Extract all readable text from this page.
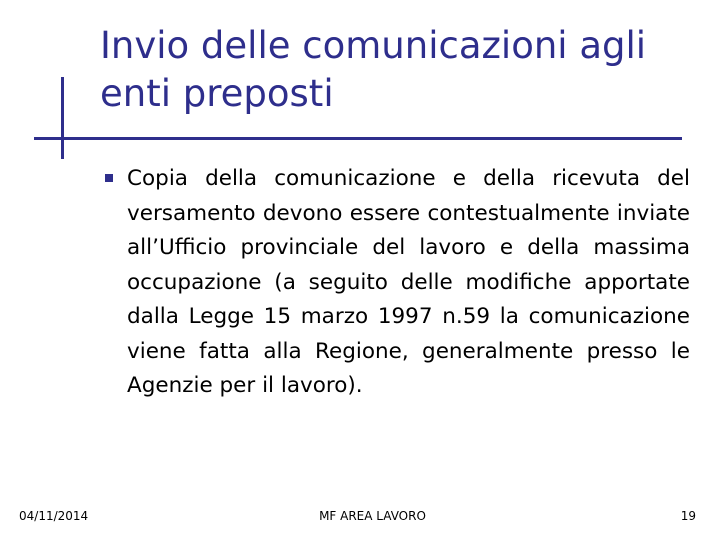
Invio delle comunicazioni agli enti preposti

Copia della comunicazione e della ricevuta del versamento devono essere contestualmente inviate all’Ufficio provinciale del lavoro e della massima occupazione (a seguito delle modifiche apportate dalla Legge 15 marzo 1997 n.59 la comunicazione viene fatta alla Regione, generalmente presso le Agenzie per il lavoro).

04/11/2014	MF AREA LAVORO	19
